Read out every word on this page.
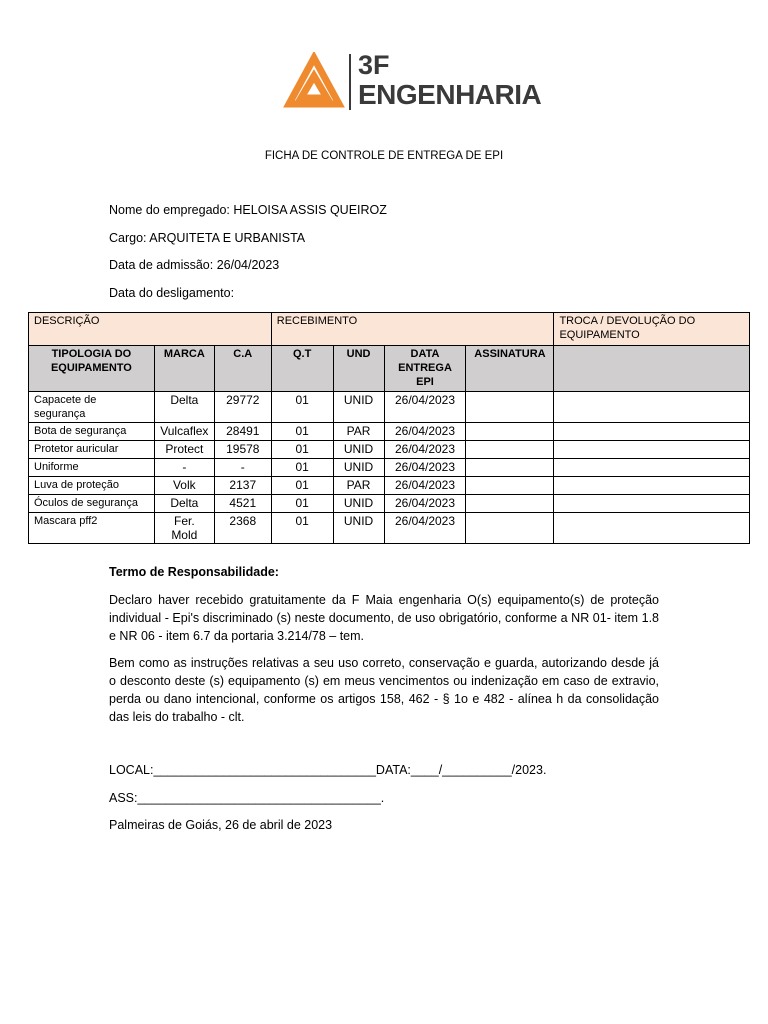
3F
ENGENHARIA
FICHA DE CONTROLE DE ENTREGA DE EPI
Nome do empregado: HELOISA ASSIS QUEIROZ
Cargo: ARQUITETA E URBANISTA
Data de admissão: 26/04/2023
Data do desligamento:
DESCRIÇÃO			RECEBIMENTO				TROCA / DEVOLUÇÃO DO EQUIPAMENTO
TIPOLOGIA DO EQUIPAMENTO	MARCA	C.A	Q.T	UND	DATA ENTREGA EPI	ASSINATURA	
Capacete de segurança	Delta	29772	01	UNID	26/04/2023		
Bota de segurança	Vulcaflex	28491	01	PAR	26/04/2023		
Protetor auricular	Protect	19578	01	UNID	26/04/2023		
Uniforme	-	-	01	UNID	26/04/2023		
Luva de proteção	Volk	2137	01	PAR	26/04/2023		
Óculos de segurança	Delta	4521	01	UNID	26/04/2023		
Mascara pff2	Fer. Mold	2368	01	UNID	26/04/2023		
Termo de Responsabilidade:
Declaro haver recebido gratuitamente da F Maia engenharia O(s) equipamento(s) de proteção individual - Epi's discriminado (s) neste documento, de uso obrigatório, conforme a NR 01- item 1.8 e NR 06 - item 6.7 da portaria 3.214/78 – tem.
Bem como as instruções relativas a seu uso correto, conservação e guarda, autorizando desde já o desconto deste (s) equipamento (s) em meus vencimentos ou indenização em caso de extravio, perda ou dano intencional, conforme os artigos 158, 462 - § 1o e 482 - alínea h da consolidação das leis do trabalho - clt.
LOCAL:________________________________DATA:____/__________/2023.
ASS:___________________________________.
Palmeiras de Goiás, 26 de abril de 2023
